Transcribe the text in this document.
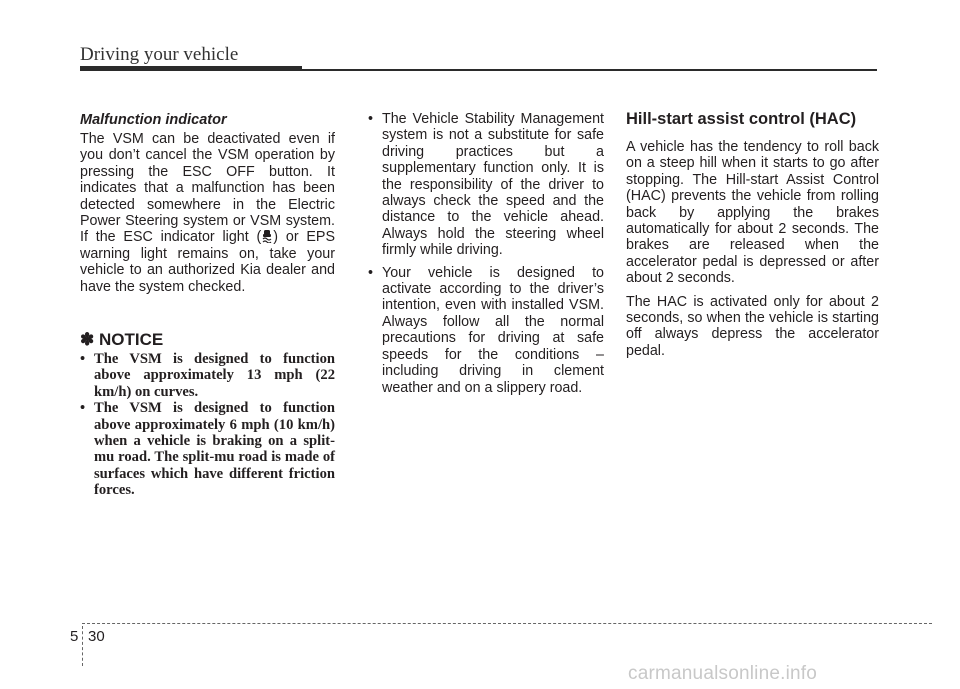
Driving your vehicle
Malfunction indicator

The VSM can be deactivated even if you don’t cancel the VSM operation by pressing the ESC OFF button. It indicates that a malfunction has been detected somewhere in the Electric Power Steering system or VSM system. If the ESC indicator light ( ) or EPS warning light remains on, take your vehicle to an authorized Kia dealer and have the system checked.

✽ NOTICE
• The VSM is designed to function above approximately 13 mph (22 km/h) on curves.
• The VSM is designed to function above approximately 6 mph (10 km/h) when a vehicle is braking on a split-mu road. The split-mu road is made of surfaces which have different friction forces.
• The Vehicle Stability Management system is not a substitute for safe driving practices but a supplementary function only. It is the responsibility of the driver to always check the speed and the distance to the vehicle ahead. Always hold the steering wheel firmly while driving.
• Your vehicle is designed to activate according to the driver’s intention, even with installed VSM. Always follow all the normal precautions for driving at safe speeds for the conditions – including driving in clement weather and on a slippery road.
Hill-start assist control (HAC)

A vehicle has the tendency to roll back on a steep hill when it starts to go after stopping. The Hill-start Assist Control (HAC) prevents the vehicle from rolling back by applying the brakes automatically for about 2 seconds. The brakes are released when the accelerator pedal is depressed or after about 2 seconds.

The HAC is activated only for about 2 seconds, so when the vehicle is starting off always depress the accelerator pedal.

5 30
carmanualsonline.info
